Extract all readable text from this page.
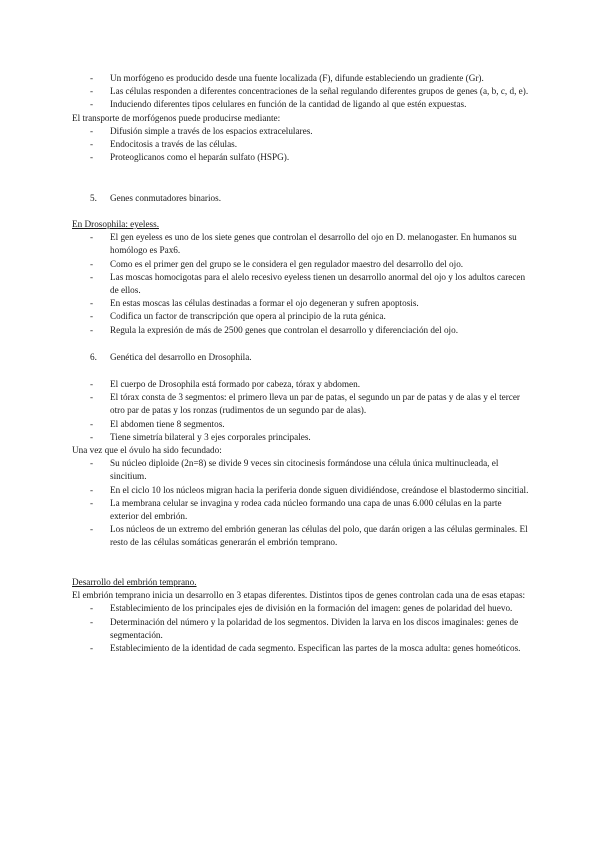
- Un morfógeno es producido desde una fuente localizada (F), difunde estableciendo un gradiente (Gr).
- Las células responden a diferentes concentraciones de la señal regulando diferentes grupos de genes (a, b, c, d, e).
- Induciendo diferentes tipos celulares en función de la cantidad de ligando al que estén expuestas.
El transporte de morfógenos puede producirse mediante:
- Difusión simple a través de los espacios extracelulares.
- Endocitosis a través de las células.
- Proteoglicanos como el heparán sulfato (HSPG).
5. Genes conmutadores binarios.
En Drosophila: eyeless.
- El gen eyeless es uno de los siete genes que controlan el desarrollo del ojo en D. melanogaster. En humanos su homólogo es Pax6.
- Como es el primer gen del grupo se le considera el gen regulador maestro del desarrollo del ojo.
- Las moscas homocigotas para el alelo recesivo eyeless tienen un desarrollo anormal del ojo y los adultos carecen de ellos.
- En estas moscas las células destinadas a formar el ojo degeneran y sufren apoptosis.
- Codifica un factor de transcripción que opera al principio de la ruta génica.
- Regula la expresión de más de 2500 genes que controlan el desarrollo y diferenciación del ojo.
6. Genética del desarrollo en Drosophila.
- El cuerpo de Drosophila está formado por cabeza, tórax y abdomen.
- El tórax consta de 3 segmentos: el primero lleva un par de patas, el segundo un par de patas y de alas y el tercer otro par de patas y los ronzas (rudimentos de un segundo par de alas).
- El abdomen tiene 8 segmentos.
- Tiene simetría bilateral y 3 ejes corporales principales.
Una vez que el óvulo ha sido fecundado:
- Su núcleo diploide (2n=8) se divide 9 veces sin citocinesis formándose una célula única multinucleada, el sincitium.
- En el ciclo 10 los núcleos migran hacia la periferia donde siguen dividiéndose, creándose el blastodermo sincitial.
- La membrana celular se invagina y rodea cada núcleo formando una capa de unas 6.000 células en la parte exterior del embrión.
- Los núcleos de un extremo del embrión generan las células del polo, que darán origen a las células germinales. El resto de las células somáticas generarán el embrión temprano.
Desarrollo del embrión temprano.
El embrión temprano inicia un desarrollo en 3 etapas diferentes. Distintos tipos de genes controlan cada una de esas etapas:
- Establecimiento de los principales ejes de división en la formación del imagen: genes de polaridad del huevo.
- Determinación del número y la polaridad de los segmentos. Dividen la larva en los discos imaginales: genes de segmentación.
- Establecimiento de la identidad de cada segmento. Especifican las partes de la mosca adulta: genes homeóticos.
